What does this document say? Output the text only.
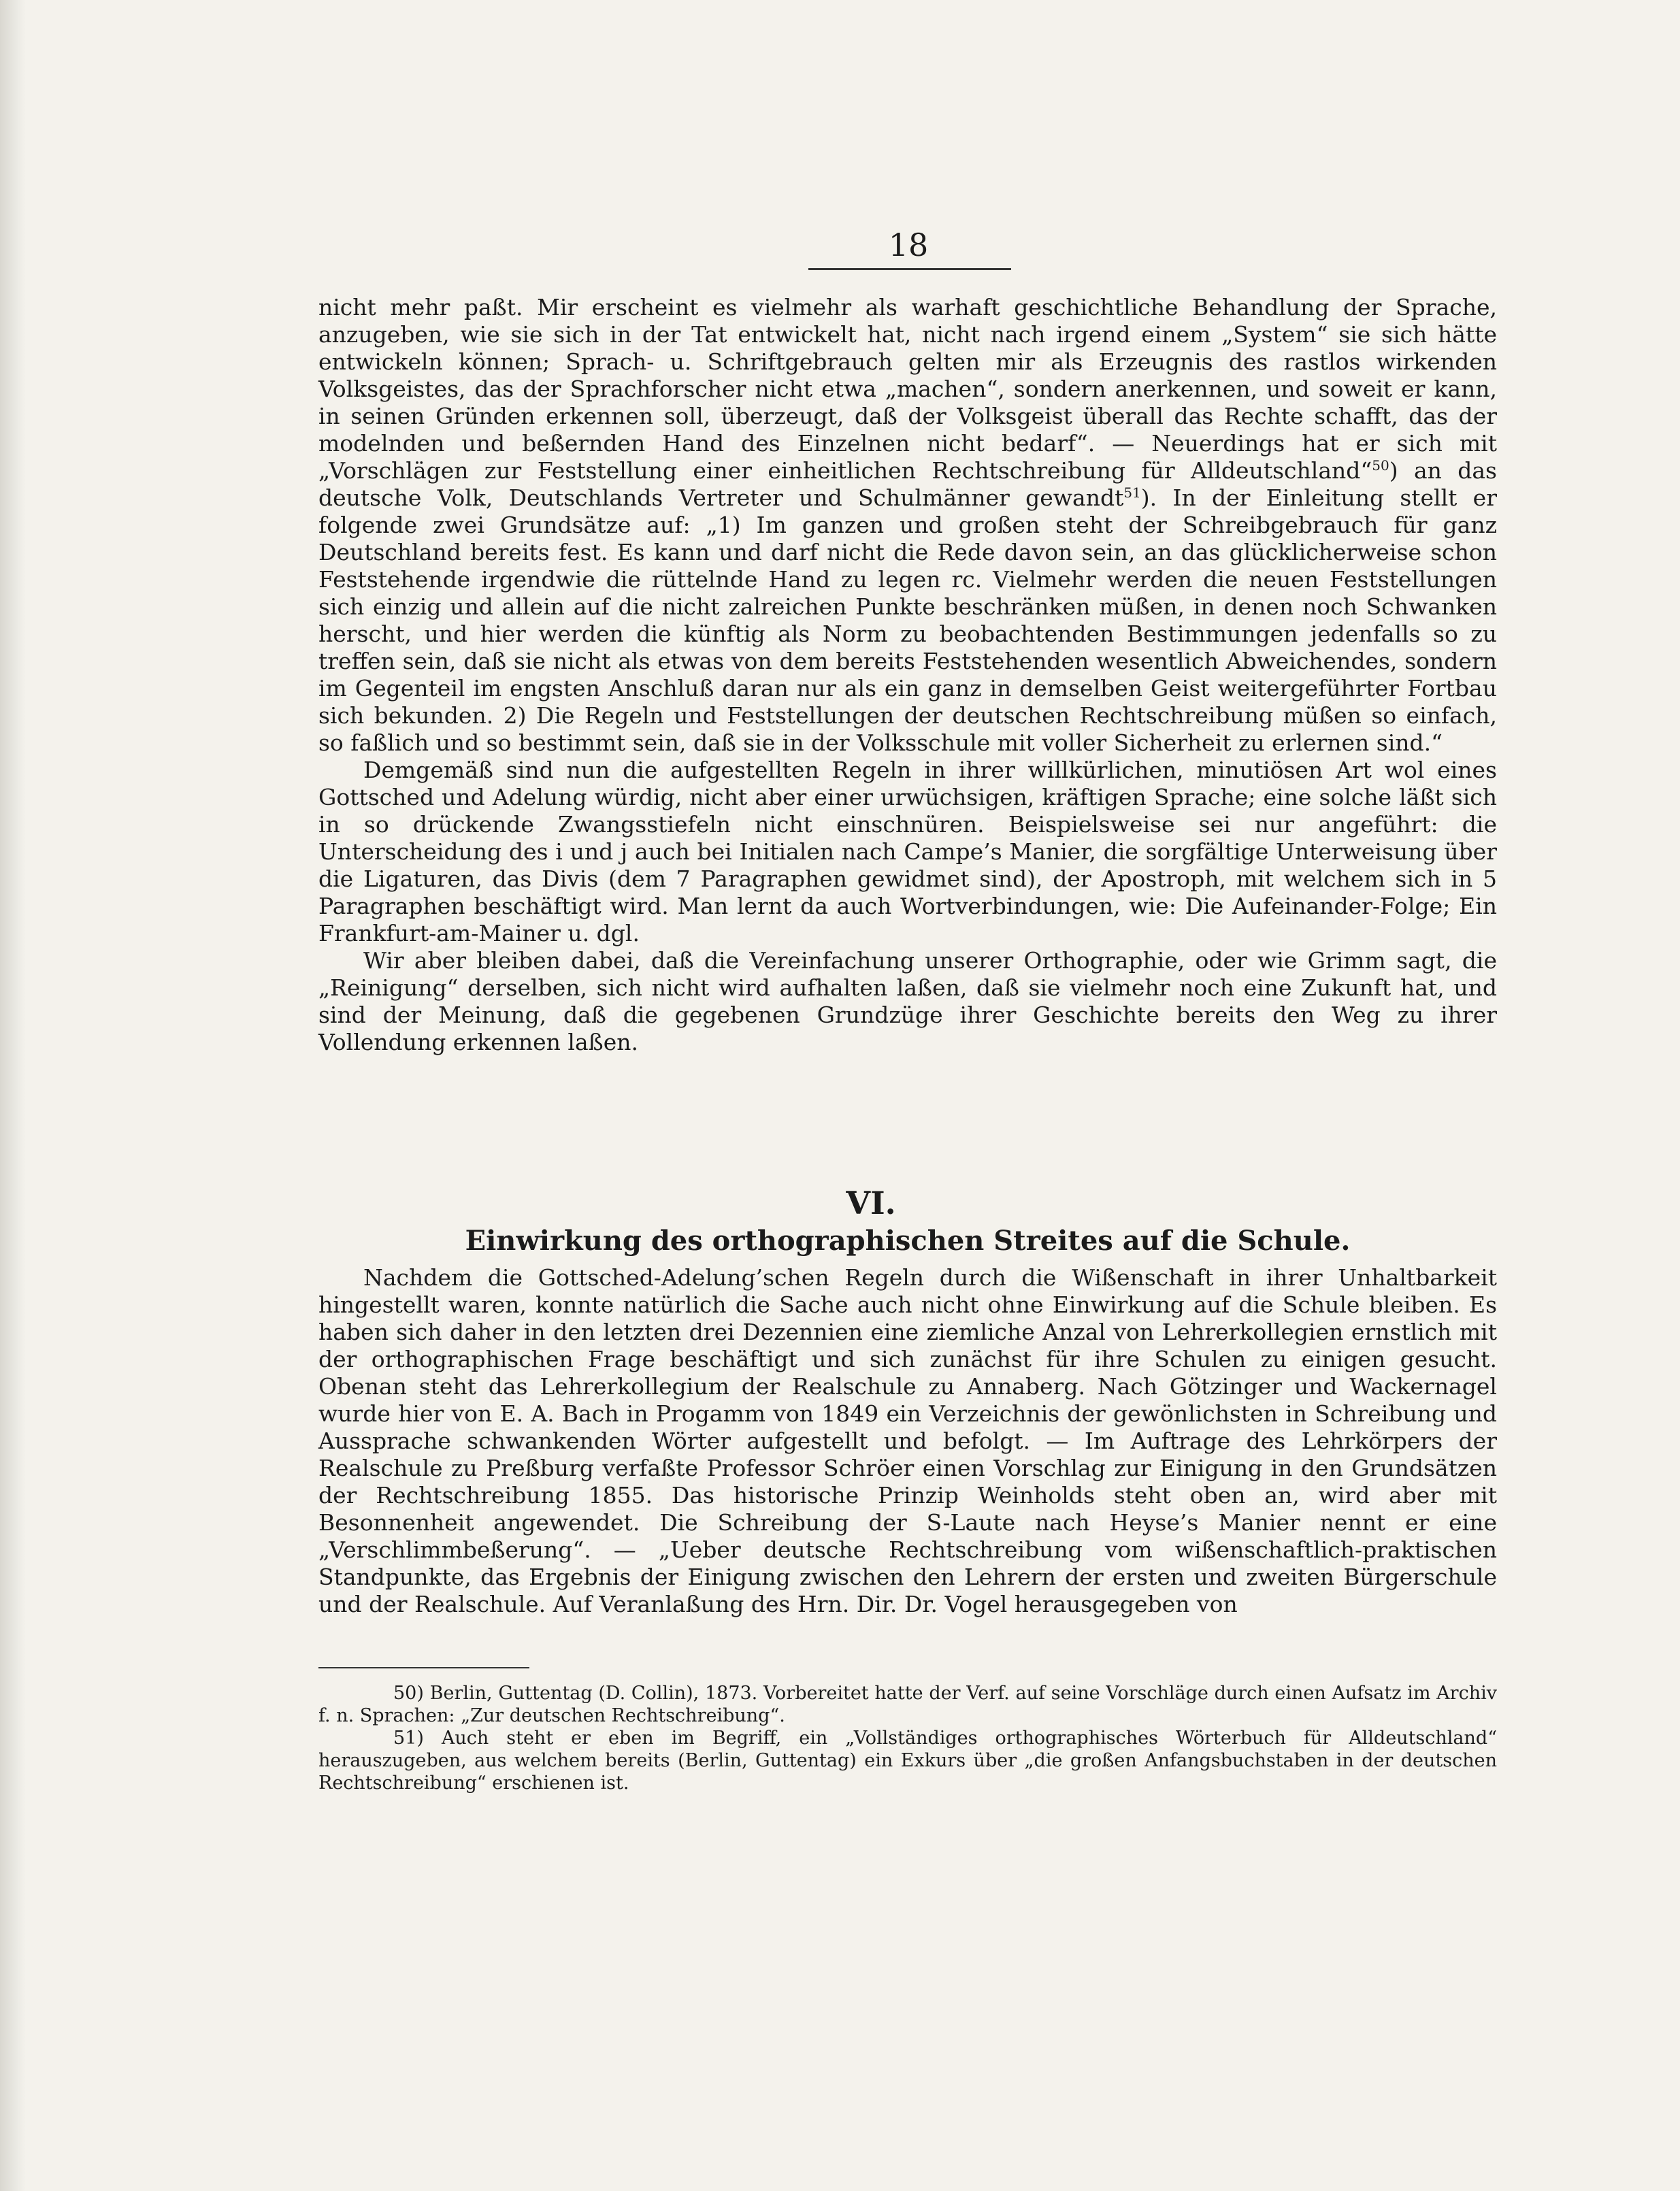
18

nicht mehr paßt. Mir erscheint es vielmehr als warhaft geschichtliche Behandlung der Sprache, anzugeben, wie sie sich in der Tat entwickelt hat, nicht nach irgend einem „System“ sie sich hätte entwickeln können; Sprach- u. Schriftgebrauch gelten mir als Erzeugnis des rastlos wirkenden Volksgeistes, das der Sprachforscher nicht etwa „machen“, sondern anerkennen, und soweit er kann, in seinen Gründen erkennen soll, überzeugt, daß der Volksgeist überall das Rechte schafft, das der modelnden und beßernden Hand des Einzelnen nicht bedarf“. — Neuerdings hat er sich mit „Vorschlägen zur Feststellung einer einheitlichen Rechtschreibung für Alldeutschland“$^{50}$) an das deutsche Volk, Deutschlands Vertreter und Schulmänner gewandt$^{51}$). In der Einleitung stellt er folgende zwei Grundsätze auf: „1) Im ganzen und großen steht der Schreibgebrauch für ganz Deutschland bereits fest. Es kann und darf nicht die Rede davon sein, an das glücklicherweise schon Feststehende irgendwie die rüttelnde Hand zu legen rc. Vielmehr werden die neuen Feststellungen sich einzig und allein auf die nicht zalreichen Punkte beschränken müßen, in denen noch Schwanken herscht, und hier werden die künftig als Norm zu beobachtenden Bestimmungen jedenfalls so zu treffen sein, daß sie nicht als etwas von dem bereits Feststehenden wesentlich Abweichendes, sondern im Gegenteil im engsten Anschluß daran nur als ein ganz in demselben Geist weitergeführter Fortbau sich bekunden. 2) Die Regeln und Feststellungen der deutschen Rechtschreibung müßen so einfach, so faßlich und so bestimmt sein, daß sie in der Volksschule mit voller Sicherheit zu erlernen sind.“

Demgemäß sind nun die aufgestellten Regeln in ihrer willkürlichen, minutiösen Art wol eines Gottsched und Adelung würdig, nicht aber einer urwüchsigen, kräftigen Sprache; eine solche läßt sich in so drückende Zwangsstiefeln nicht einschnüren. Beispielsweise sei nur angeführt: die Unterscheidung des i und j auch bei Initialen nach Campe’s Manier, die sorgfältige Unterweisung über die Ligaturen, das Divis (dem 7 Paragraphen gewidmet sind), der Apostroph, mit welchem sich in 5 Paragraphen beschäftigt wird. Man lernt da auch Wortverbindungen, wie: Die Aufeinander-Folge; Ein Frankfurt-am-Mainer u. dgl.

Wir aber bleiben dabei, daß die Vereinfachung unserer Orthographie, oder wie Grimm sagt, die „Reinigung“ derselben, sich nicht wird aufhalten laßen, daß sie vielmehr noch eine Zukunft hat, und sind der Meinung, daß die gegebenen Grundzüge ihrer Geschichte bereits den Weg zu ihrer Vollendung erkennen laßen.

VI.
Einwirkung des orthographischen Streites auf die Schule.

Nachdem die Gottsched-Adelung’schen Regeln durch die Wißenschaft in ihrer Unhaltbarkeit hingestellt waren, konnte natürlich die Sache auch nicht ohne Einwirkung auf die Schule bleiben. Es haben sich daher in den letzten drei Dezennien eine ziemliche Anzal von Lehrerkollegien ernstlich mit der orthographischen Frage beschäftigt und sich zunächst für ihre Schulen zu einigen gesucht. Obenan steht das Lehrerkollegium der Realschule zu Annaberg. Nach Götzinger und Wackernagel wurde hier von E. A. Bach in Progamm von 1849 ein Verzeichnis der gewönlichsten in Schreibung und Aussprache schwankenden Wörter aufgestellt und befolgt. — Im Auftrage des Lehrkörpers der Realschule zu Preßburg verfaßte Professor Schröer einen Vorschlag zur Einigung in den Grundsätzen der Rechtschreibung 1855. Das historische Prinzip Weinholds steht oben an, wird aber mit Besonnenheit angewendet. Die Schreibung der S-Laute nach Heyse’s Manier nennt er eine „Verschlimmbeßerung“. — „Ueber deutsche Rechtschreibung vom wißenschaftlich-praktischen Standpunkte, das Ergebnis der Einigung zwischen den Lehrern der ersten und zweiten Bürgerschule und der Realschule. Auf Veranlaßung des Hrn. Dir. Dr. Vogel herausgegeben von

50) Berlin, Guttentag (D. Collin), 1873. Vorbereitet hatte der Verf. auf seine Vorschläge durch einen Aufsatz im Archiv f. n. Sprachen: „Zur deutschen Rechtschreibung“.

51) Auch steht er eben im Begriff, ein „Vollständiges orthographisches Wörterbuch für Alldeutschland“ herauszugeben, aus welchem bereits (Berlin, Guttentag) ein Exkurs über „die großen Anfangsbuchstaben in der deutschen Rechtschreibung“ erschienen ist.
